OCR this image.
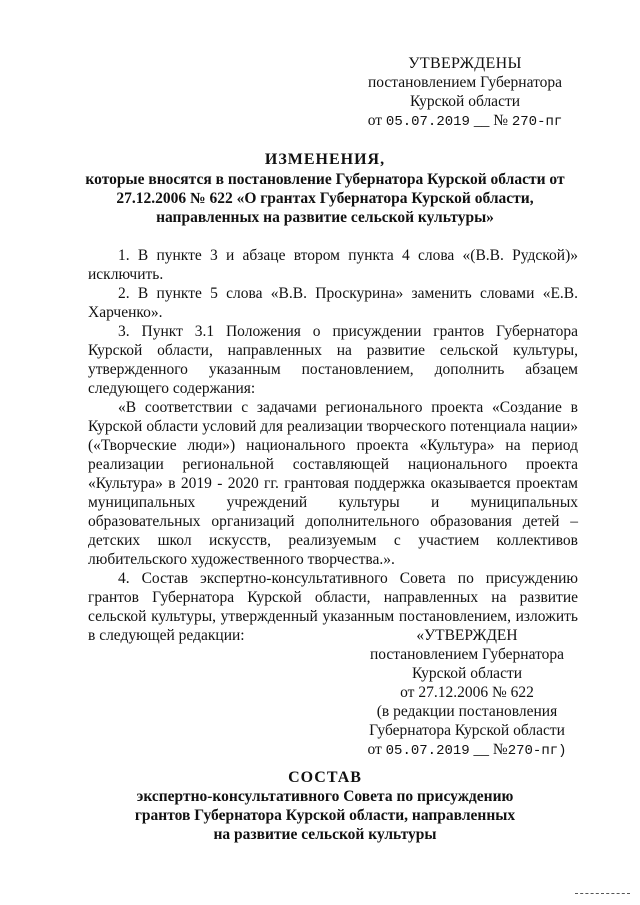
УТВЕРЖДЕНЫ
постановлением Губернатора
Курской области
от 05.07.2019 __ № 270-пг
ИЗМЕНЕНИЯ,
которые вносятся в постановление Губернатора Курской области от
27.12.2006 № 622 «О грантах Губернатора Курской области,
направленных на развитие сельской культуры»

1. В пункте 3 и абзаце втором пункта 4 слова «(В.В. Рудской)» исключить.

2. В пункте 5 слова «В.В. Проскурина» заменить словами «Е.В. Харченко».

3. Пункт 3.1 Положения о присуждении грантов Губернатора Курской области, направленных на развитие сельской культуры, утвержденного указанным постановлением, дополнить абзацем следующего содержания:

«В соответствии с задачами регионального проекта «Создание в Курской области условий для реализации творческого потенциала нации» («Творческие люди») национального проекта «Культура» на период реализации региональной составляющей национального проекта «Культура» в 2019 - 2020 гг. грантовая поддержка оказывается проектам муниципальных учреждений культуры и муниципальных образовательных организаций дополнительного образования детей – детских школ искусств, реализуемым с участием коллективов любительского художественного творчества.».

4. Состав экспертно-консультативного Совета по присуждению грантов Губернатора Курской области, направленных на развитие сельской культуры, утвержденный указанным постановлением, изложить в следующей редакции:	«УТВЕРЖДЕН
постановлением Губернатора
Курской области
от 27.12.2006 № 622
(в редакции постановления
Губернатора Курской области
от 05.07.2019 __ №270-пг)
СОСТАВ
экспертно-консультативного Совета по присуждению
грантов Губернатора Курской области, направленных
на развитие сельской культуры
